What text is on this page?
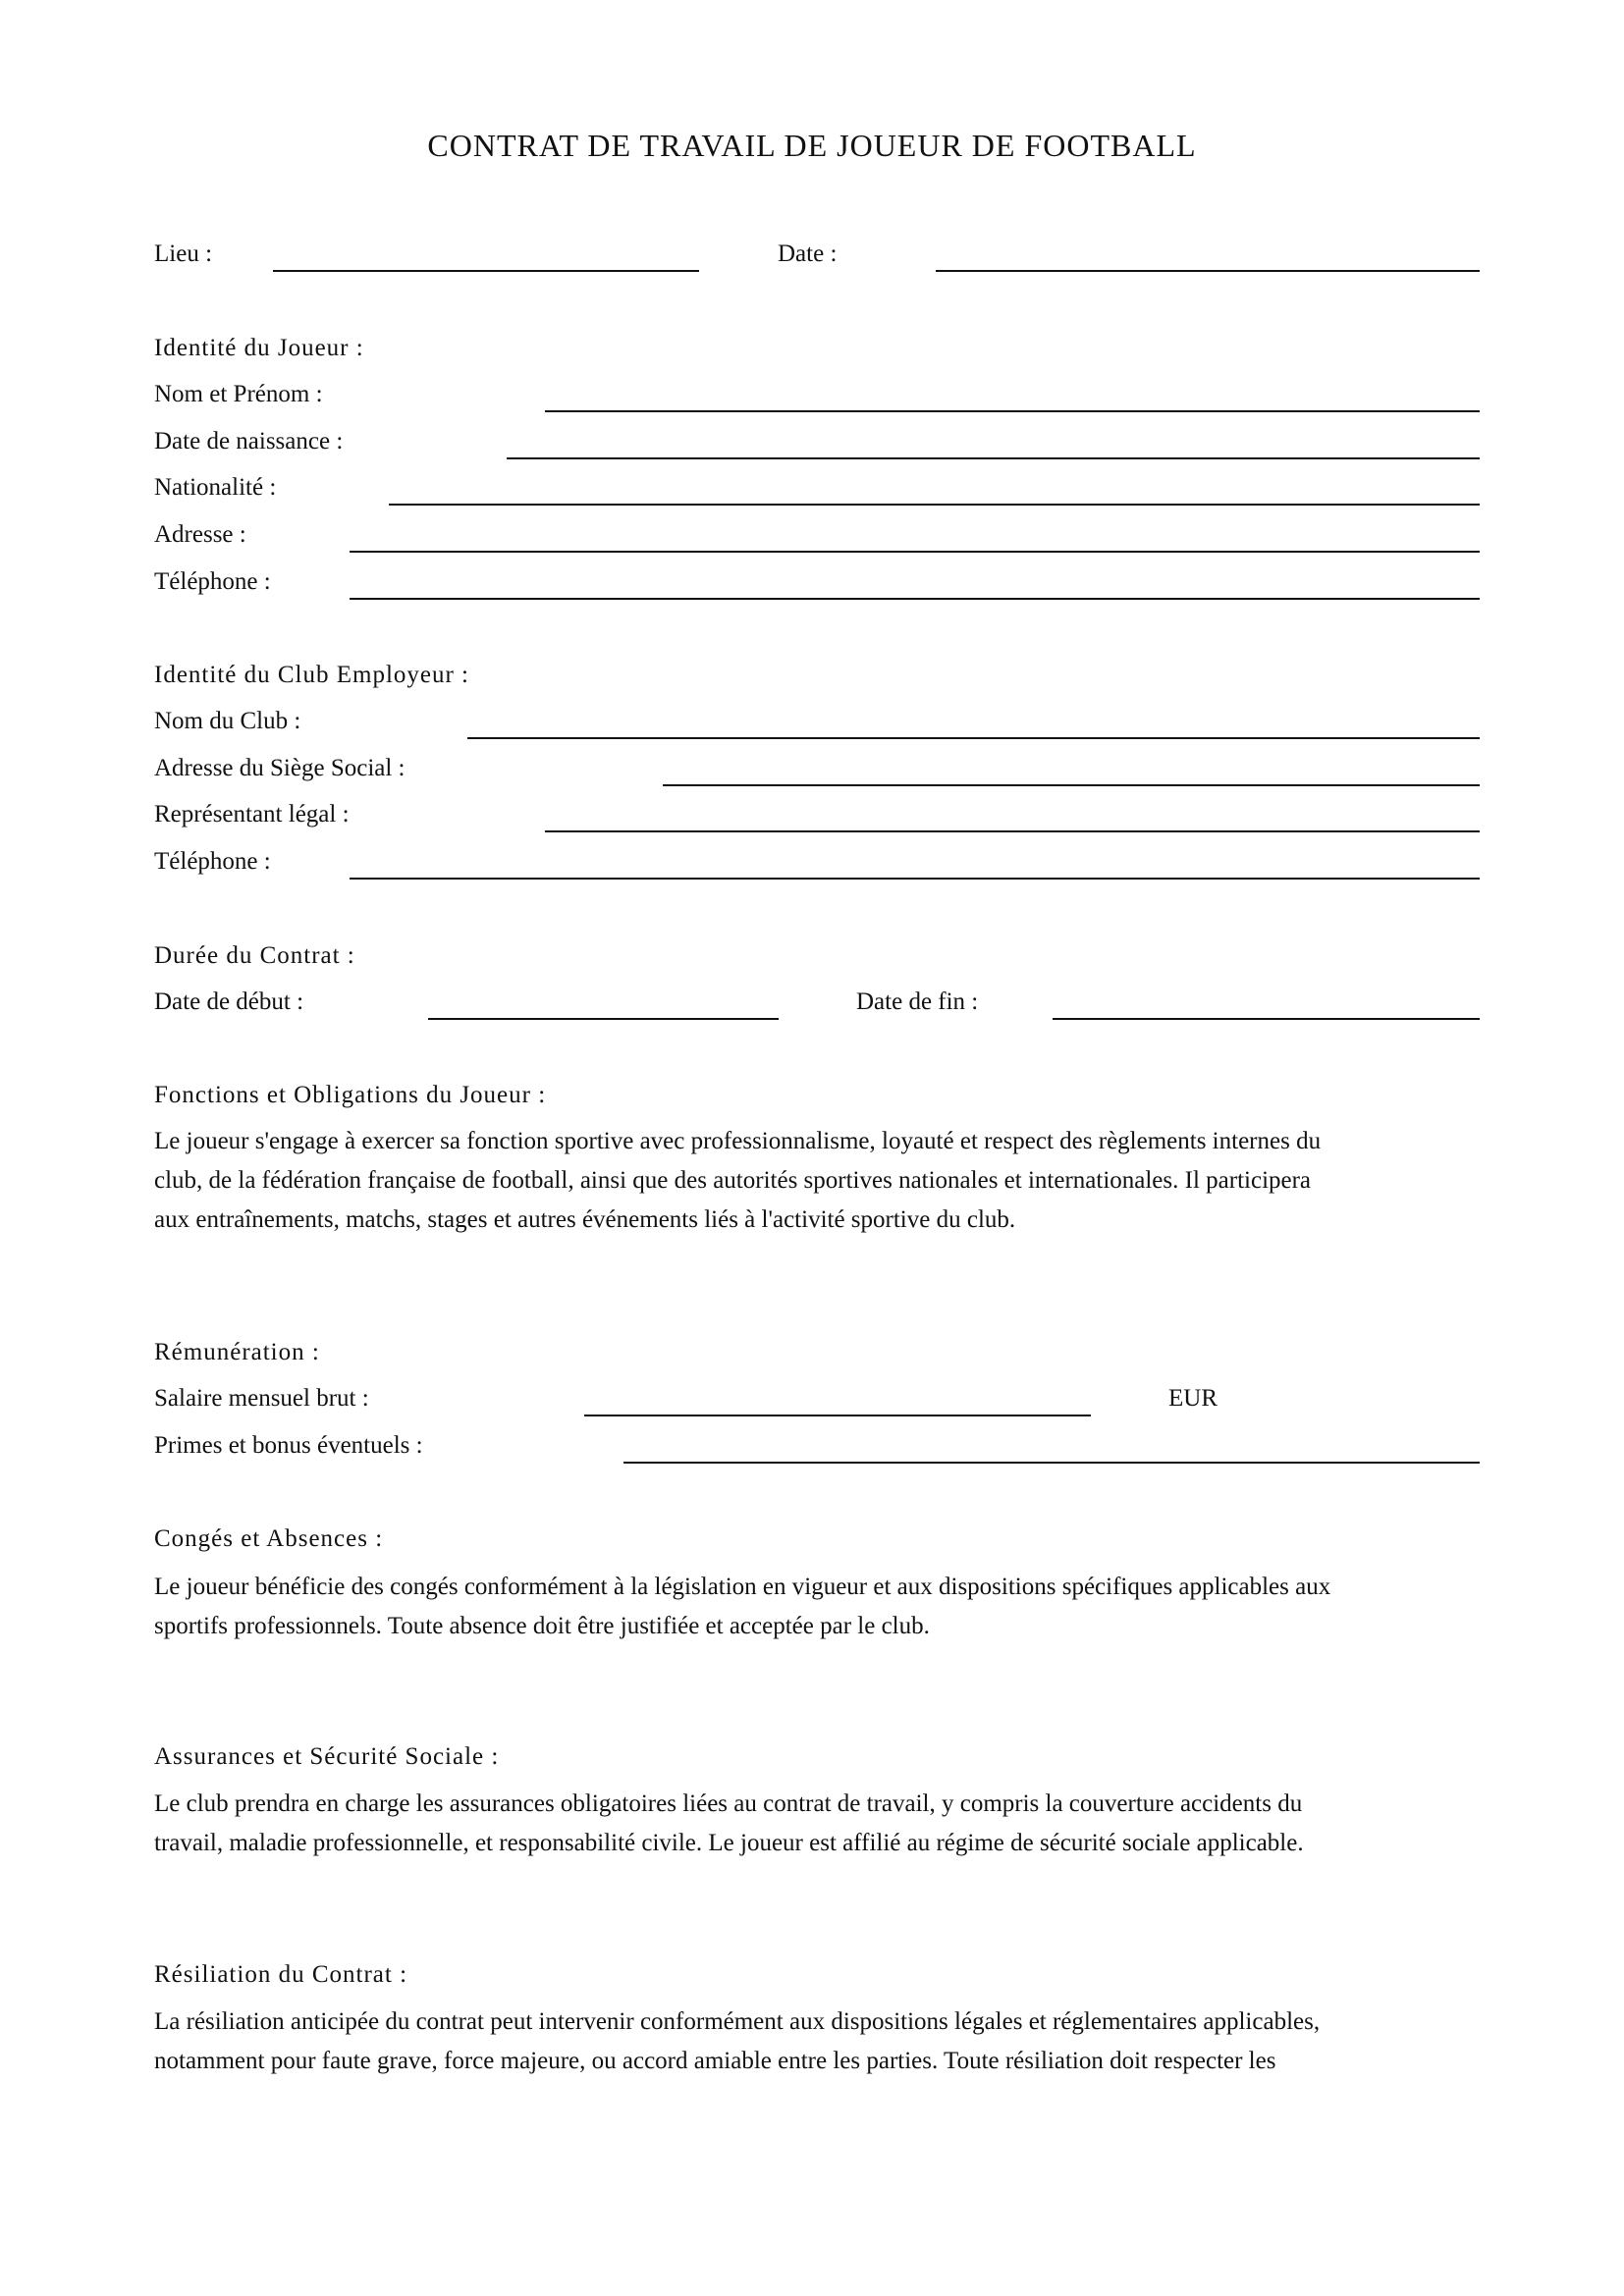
CONTRAT DE TRAVAIL DE JOUEUR DE FOOTBALL
Lieu :	Date :
Identité du Joueur :
Nom et Prénom :
Date de naissance :
Nationalité :
Adresse :
Téléphone :
Identité du Club Employeur :
Nom du Club :
Adresse du Siège Social :
Représentant légal :
Téléphone :
Durée du Contrat :
Date de début :	Date de fin :
Fonctions et Obligations du Joueur :
Le joueur s'engage à exercer sa fonction sportive avec professionnalisme, loyauté et respect des règlements internes du
club, de la fédération française de football, ainsi que des autorités sportives nationales et internationales. Il participera
aux entraînements, matchs, stages et autres événements liés à l'activité sportive du club.
Rémunération :
Salaire mensuel brut :	EUR
Primes et bonus éventuels :
Congés et Absences :
Le joueur bénéficie des congés conformément à la législation en vigueur et aux dispositions spécifiques applicables aux
sportifs professionnels. Toute absence doit être justifiée et acceptée par le club.
Assurances et Sécurité Sociale :
Le club prendra en charge les assurances obligatoires liées au contrat de travail, y compris la couverture accidents du
travail, maladie professionnelle, et responsabilité civile. Le joueur est affilié au régime de sécurité sociale applicable.
Résiliation du Contrat :
La résiliation anticipée du contrat peut intervenir conformément aux dispositions légales et réglementaires applicables,
notamment pour faute grave, force majeure, ou accord amiable entre les parties. Toute résiliation doit respecter les
